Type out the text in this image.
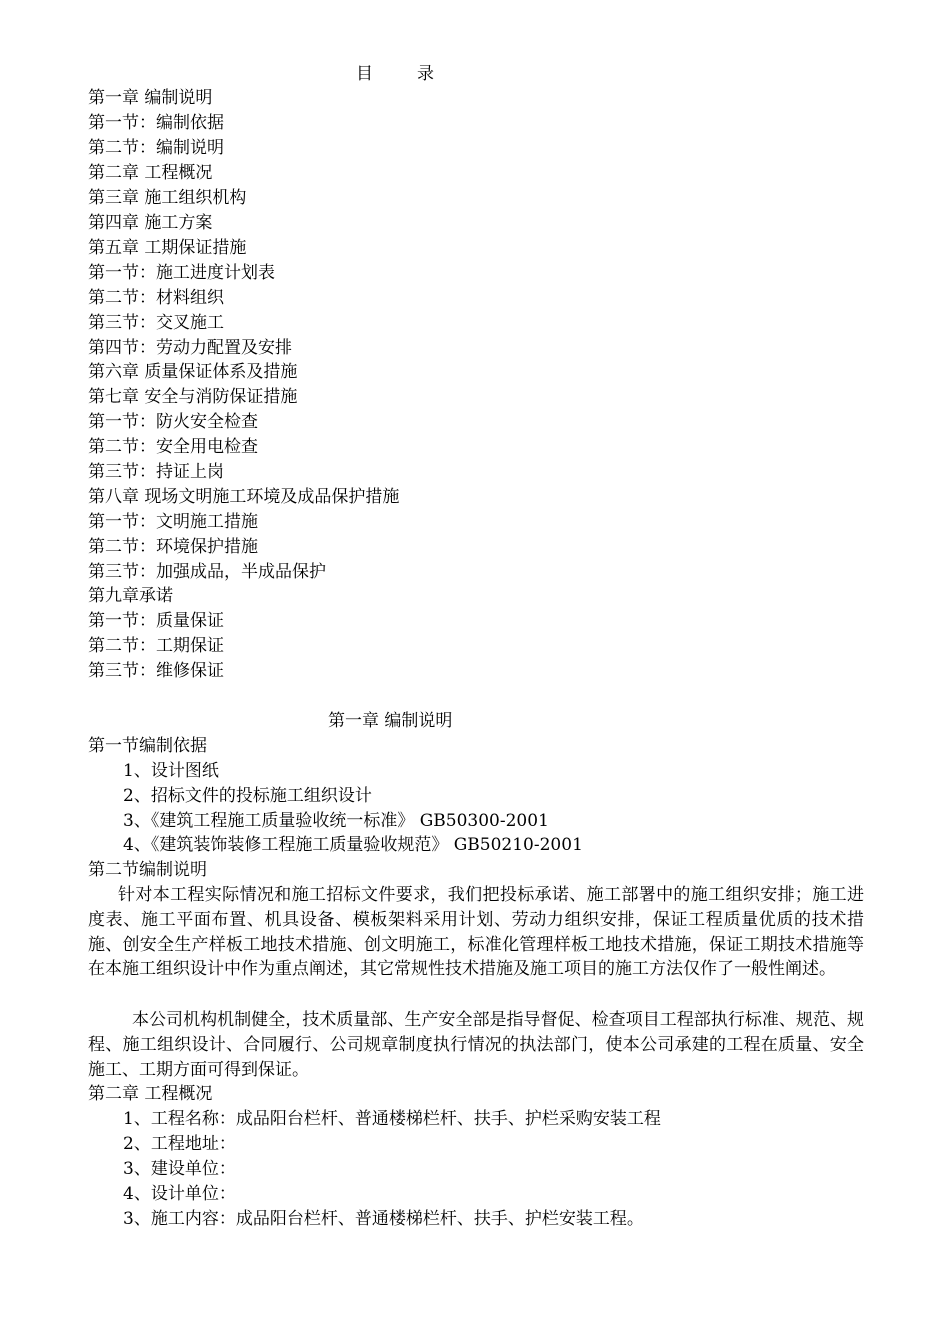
目	录
第一章 编制说明
第一节：编制依据
第二节：编制说明
第二章 工程概况
第三章 施工组织机构
第四章 施工方案
第五章 工期保证措施
第一节：施工进度计划表
第二节：材料组织
第三节：交叉施工
第四节：劳动力配置及安排
第六章 质量保证体系及措施
第七章 安全与消防保证措施
第一节：防火安全检查
第二节：安全用电检查
第三节：持证上岗
第八章 现场文明施工环境及成品保护措施
第一节：文明施工措施
第二节：环境保护措施
第三节：加强成品，半成品保护
第九章承诺
第一节：质量保证
第二节：工期保证
第三节：维修保证
第一章 编制说明
第一节编制依据
1、设计图纸
2、招标文件的投标施工组织设计
3、《建筑工程施工质量验收统一标准》 GB50300-2001
4、《建筑装饰装修工程施工质量验收规范》 GB50210-2001
第二节编制说明
针对本工程实际情况和施工招标文件要求，我们把投标承诺、施工部署中的施工组织安排；施工进度表、施工平面布置、机具设备、模板架料采用计划、劳动力组织安排，保证工程质量优质的技术措施、创安全生产样板工地技术措施、创文明施工，标准化管理样板工地技术措施，保证工期技术措施等在本施工组织设计中作为重点阐述，其它常规性技术措施及施工项目的施工方法仅作了一般性阐述。
本公司机构机制健全，技术质量部、生产安全部是指导督促、检查项目工程部执行标准、规范、规程、施工组织设计、合同履行、公司规章制度执行情况的执法部门，使本公司承建的工程在质量、安全施工、工期方面可得到保证。
第二章 工程概况
1、工程名称：成品阳台栏杆、普通楼梯栏杆、扶手、护栏采购安装工程
2、工程地址：
3、建设单位：
4、设计单位：
3、施工内容：成品阳台栏杆、普通楼梯栏杆、扶手、护栏安装工程。
